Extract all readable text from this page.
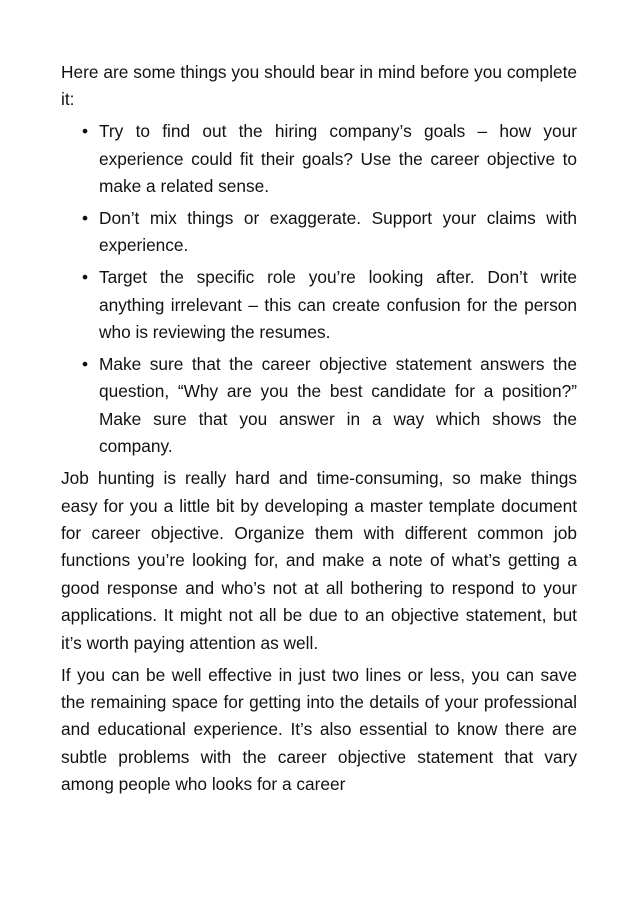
Here are some things you should bear in mind before you complete it:

• Try to find out the hiring company’s goals – how your experience could fit their goals? Use the career objective to make a related sense.
• Don’t mix things or exaggerate. Support your claims with experience.
• Target the specific role you’re looking after. Don’t write anything irrelevant – this can create confusion for the person who is reviewing the resumes.
• Make sure that the career objective statement answers the question, “Why are you the best candidate for a position?” Make sure that you answer in a way which shows the company.

Job hunting is really hard and time-consuming, so make things easy for you a little bit by developing a master template document for career objective. Organize them with different common job functions you’re looking for, and make a note of what’s getting a good response and who’s not at all bothering to respond to your applications. It might not all be due to an objective statement, but it’s worth paying attention as well.

If you can be well effective in just two lines or less, you can save the remaining space for getting into the details of your professional and educational experience. It’s also essential to know there are subtle problems with the career objective statement that vary among people who looks for a career
